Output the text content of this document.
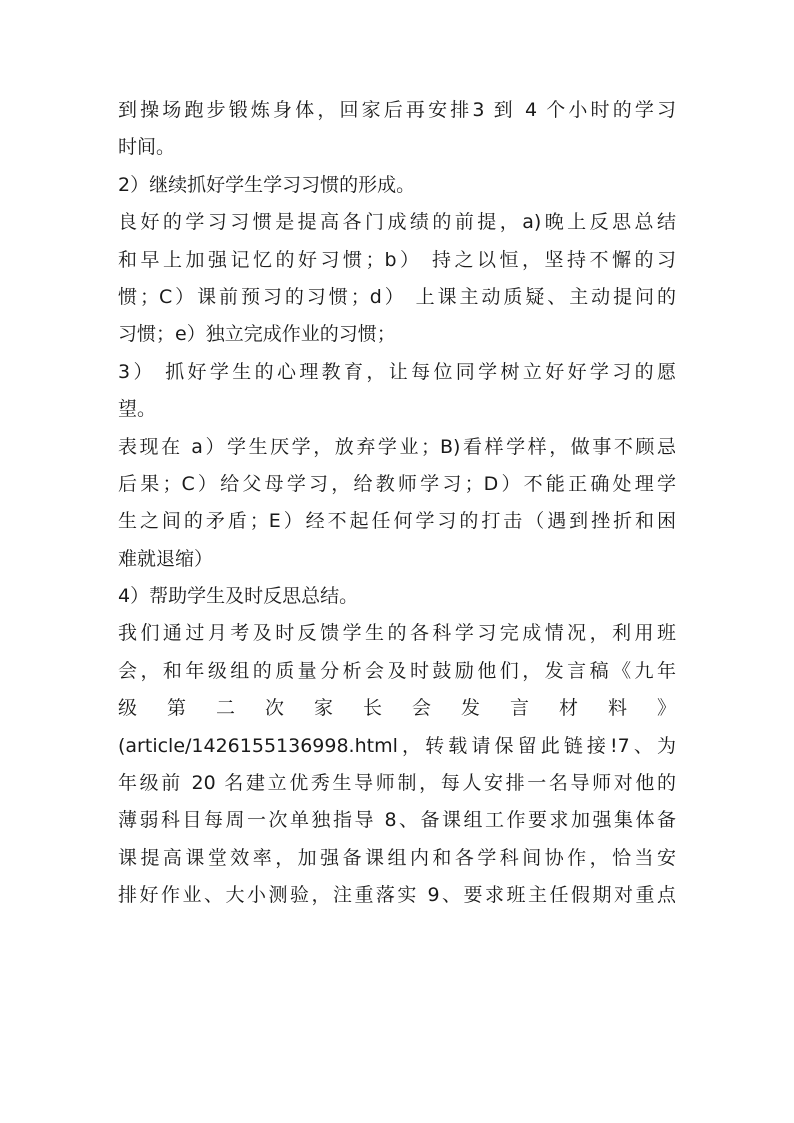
到操场跑步锻炼身体，回家后再安排3 到 4 个小时的学习
时间。
2）继续抓好学生学习习惯的形成。
良好的学习习惯是提高各门成绩的前提，a)晚上反思总结
和早上加强记忆的好习惯；b） 持之以恒，坚持不懈的习
惯；C）课前预习的习惯；d） 上课主动质疑、主动提问的
习惯；e）独立完成作业的习惯；
3） 抓好学生的心理教育，让每位同学树立好好学习的愿
望。
表现在 a）学生厌学，放弃学业；B)看样学样，做事不顾忌
后果；C）给父母学习，给教师学习；D）不能正确处理学
生之间的矛盾；E）经不起任何学习的打击（遇到挫折和困
难就退缩）
4）帮助学生及时反思总结。
我们通过月考及时反馈学生的各科学习完成情况，利用班
会，和年级组的质量分析会及时鼓励他们，发言稿《九年
级 第 二 次 家 长 会 发 言 材 料 》
(article/1426155136998.html，转载请保留此链接!7、为
年级前 20 名建立优秀生导师制，每人安排一名导师对他的
薄弱科目每周一次单独指导 8、备课组工作要求加强集体备
课提高课堂效率，加强备课组内和各学科间协作，恰当安
排好作业、大小测验，注重落实 9、要求班主任假期对重点
